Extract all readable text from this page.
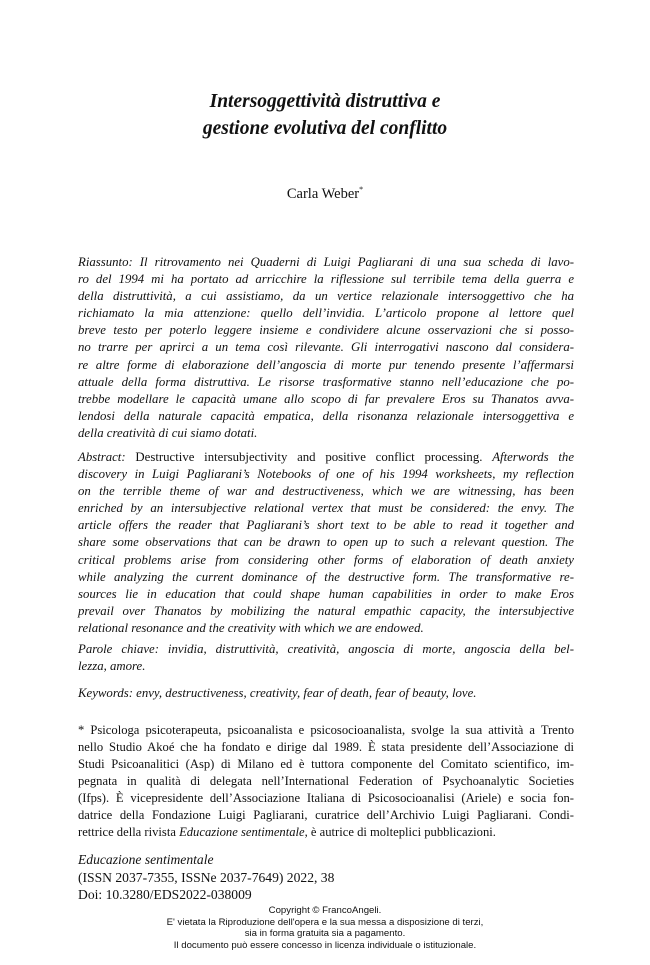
Intersoggettività distruttiva e
gestione evolutiva del conflitto
Carla Weber*
Riassunto: Il ritrovamento nei Quaderni di Luigi Pagliarani di una sua scheda di lavo-
ro del 1994 mi ha portato ad arricchire la riflessione sul terribile tema della guerra e
della distruttività, a cui assistiamo, da un vertice relazionale intersoggettivo che ha
richiamato la mia attenzione: quello dell’invidia. L’articolo propone al lettore quel
breve testo per poterlo leggere insieme e condividere alcune osservazioni che si posso-
no trarre per aprirci a un tema così rilevante. Gli interrogativi nascono dal considera-
re altre forme di elaborazione dell’angoscia di morte pur tenendo presente l’affermarsi
attuale della forma distruttiva. Le risorse trasformative stanno nell’educazione che po-
trebbe modellare le capacità umane allo scopo di far prevalere Eros su Thanatos avva-
lendosi della naturale capacità empatica, della risonanza relazionale intersoggettiva e
della creatività di cui siamo dotati.
Abstract: Destructive intersubjectivity and positive conflict processing. Afterwords the
discovery in Luigi Pagliarani’s Notebooks of one of his 1994 worksheets, my reflection
on the terrible theme of war and destructiveness, which we are witnessing, has been
enriched by an intersubjective relational vertex that must be considered: the envy. The
article offers the reader that Pagliarani’s short text to be able to read it together and
share some observations that can be drawn to open up to such a relevant question. The
critical problems arise from considering other forms of elaboration of death anxiety
while analyzing the current dominance of the destructive form. The transformative re-
sources lie in education that could shape human capabilities in order to make Eros
prevail over Thanatos by mobilizing the natural empathic capacity, the intersubjective
relational resonance and the creativity with which we are endowed.
Parole chiave: invidia, distruttività, creatività, angoscia di morte, angoscia della bel-
lezza, amore.
Keywords: envy, destructiveness, creativity, fear of death, fear of beauty, love.
* Psicologa psicoterapeuta, psicoanalista e psicosocioanalista, svolge la sua attività a Trento
nello Studio Akoé che ha fondato e dirige dal 1989. È stata presidente dell’Associazione di
Studi Psicoanalitici (Asp) di Milano ed è tuttora componente del Comitato scientifico, im-
pegnata in qualità di delegata nell’International Federation of Psychoanalytic Societies
(Ifps). È vicepresidente dell’Associazione Italiana di Psicosocioanalisi (Ariele) e socia fon-
datrice della Fondazione Luigi Pagliarani, curatrice dell’Archivio Luigi Pagliarani. Condi-
rettrice della rivista Educazione sentimentale, è autrice di molteplici pubblicazioni.
Educazione sentimentale
(ISSN 2037-7355, ISSNe 2037-7649) 2022, 38
Doi: 10.3280/EDS2022-038009
Copyright © FrancoAngeli.
E' vietata la Riproduzione dell'opera e la sua messa a disposizione di terzi,
sia in forma gratuita sia a pagamento.
Il documento può essere concesso in licenza individuale o istituzionale.
